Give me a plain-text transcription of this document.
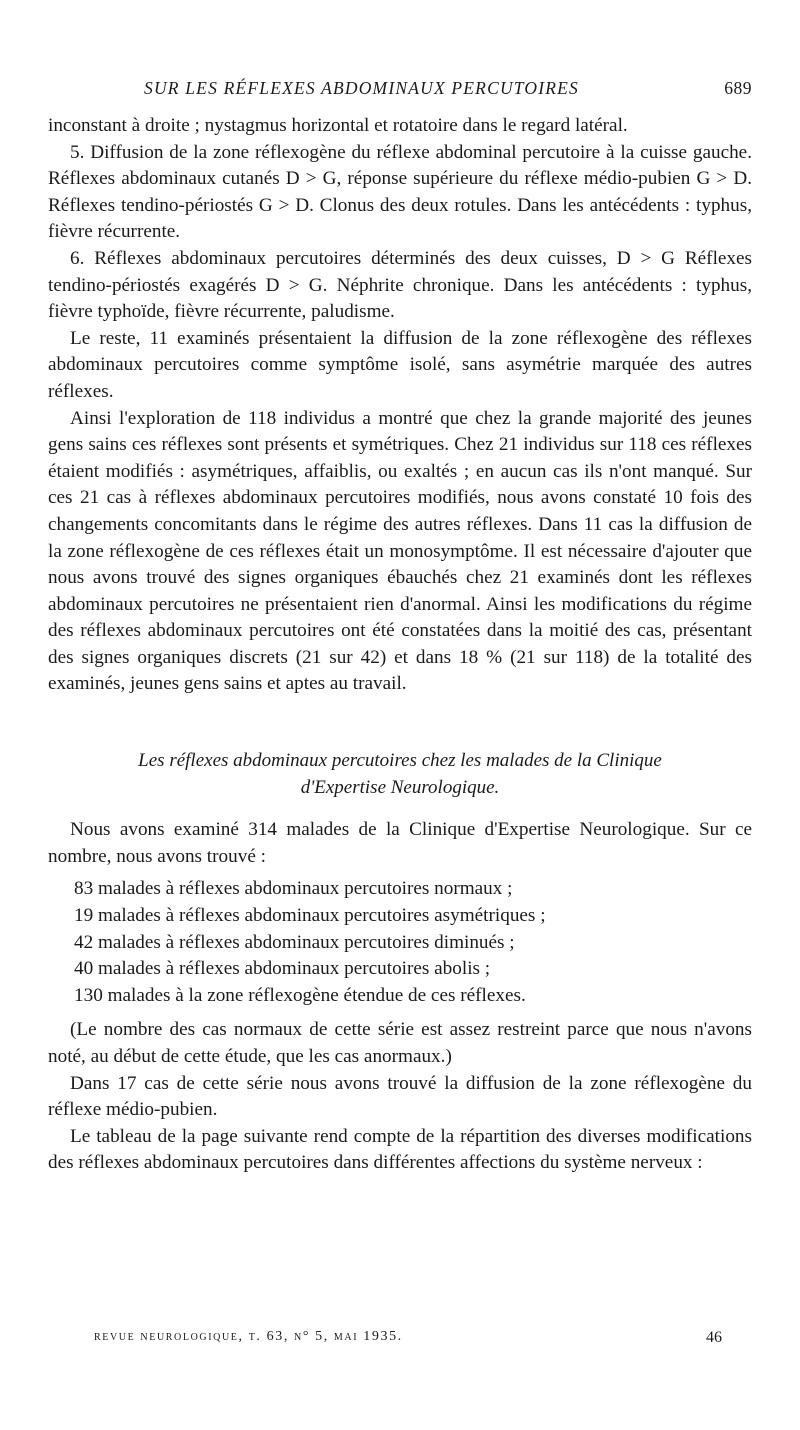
SUR LES RÉFLEXES ABDOMINAUX PERCUTOIRES	689

inconstant à droite ; nystagmus horizontal et rotatoire dans le regard latéral.

5. Diffusion de la zone réflexogène du réflexe abdominal percutoire à la cuisse gauche. Réflexes abdominaux cutanés D > G, réponse supérieure du réflexe médio-pubien G > D. Réflexes tendino-périostés G > D. Clonus des deux rotules. Dans les antécédents : typhus, fièvre récurrente.

6. Réflexes abdominaux percutoires déterminés des deux cuisses, D > G Réflexes tendino-périostés exagérés D > G. Néphrite chronique. Dans les antécédents : typhus, fièvre typhoïde, fièvre récurrente, paludisme.

Le reste, 11 examinés présentaient la diffusion de la zone réflexogène des réflexes abdominaux percutoires comme symptôme isolé, sans asymétrie marquée des autres réflexes.

Ainsi l'exploration de 118 individus a montré que chez la grande majorité des jeunes gens sains ces réflexes sont présents et symétriques. Chez 21 individus sur 118 ces réflexes étaient modifiés : asymétriques, affaiblis, ou exaltés ; en aucun cas ils n'ont manqué. Sur ces 21 cas à réflexes abdominaux percutoires modifiés, nous avons constaté 10 fois des changements concomitants dans le régime des autres réflexes. Dans 11 cas la diffusion de la zone réflexogène de ces réflexes était un monosymptôme. Il est nécessaire d'ajouter que nous avons trouvé des signes organiques ébauchés chez 21 examinés dont les réflexes abdominaux percutoires ne présentaient rien d'anormal. Ainsi les modifications du régime des réflexes abdominaux percutoires ont été constatées dans la moitié des cas, présentant des signes organiques discrets (21 sur 42) et dans 18 % (21 sur 118) de la totalité des examinés, jeunes gens sains et aptes au travail.

Les réflexes abdominaux percutoires chez les malades de la Clinique
d'Expertise Neurologique.

Nous avons examiné 314 malades de la Clinique d'Expertise Neurologique. Sur ce nombre, nous avons trouvé :

83 malades à réflexes abdominaux percutoires normaux ;
19 malades à réflexes abdominaux percutoires asymétriques ;
42 malades à réflexes abdominaux percutoires diminués ;
40 malades à réflexes abdominaux percutoires abolis ;
130 malades à la zone réflexogène étendue de ces réflexes.

(Le nombre des cas normaux de cette série est assez restreint parce que nous n'avons noté, au début de cette étude, que les cas anormaux.)

Dans 17 cas de cette série nous avons trouvé la diffusion de la zone réflexogène du réflexe médio-pubien.

Le tableau de la page suivante rend compte de la répartition des diverses modifications des réflexes abdominaux percutoires dans différentes affections du système nerveux :

revue neurologique, t. 63, n° 5, mai 1935.	46
